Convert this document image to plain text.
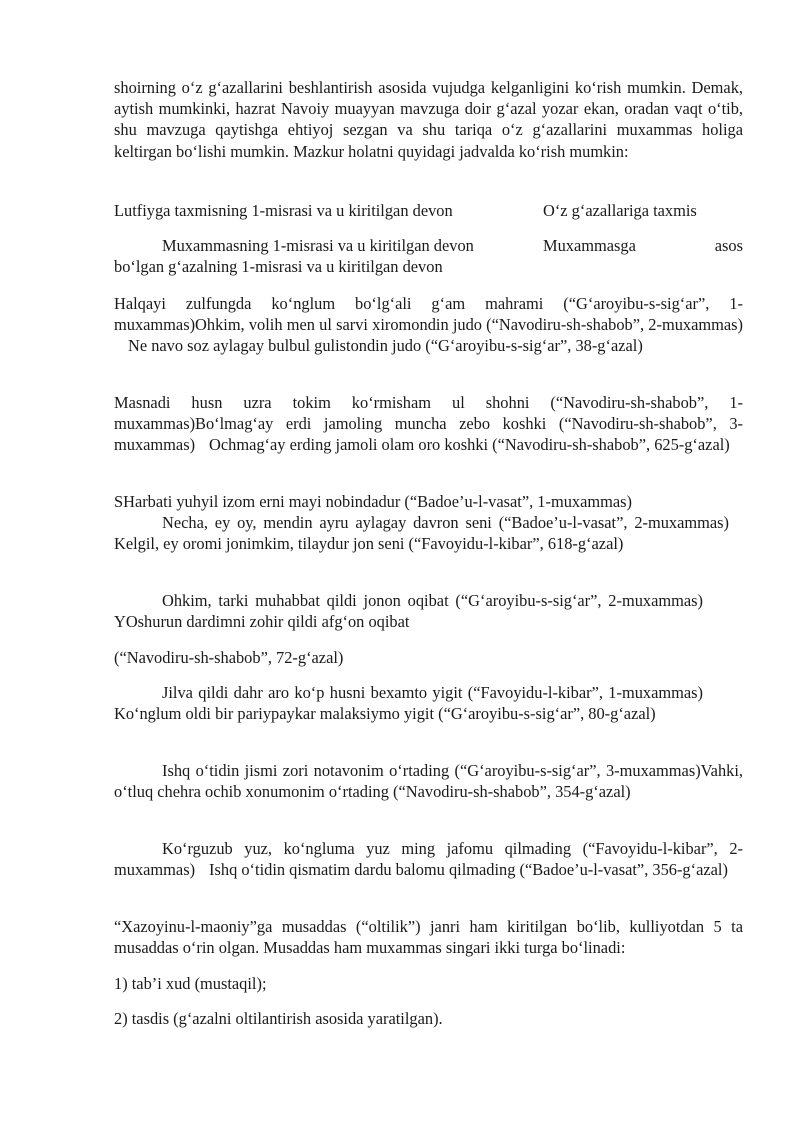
shoirning o‘z g‘azallarini beshlantirish asosida vujudga kelganligini ko‘rish mumkin. Demak, aytish mumkinki, hazrat Navoiy muayyan mavzuga doir g‘azal yozar ekan, oradan vaqt o‘tib, shu mavzuga qaytishga ehtiyoj sezgan va shu tariqa o‘z g‘azallarini muxammas holiga keltirgan bo‘lishi mumkin. Mazkur holatni quyidagi jadvalda ko‘rish mumkin:

Lutfiyga taxmisning 1-misrasi va u kiritilgan devon	O‘z g‘azallariga taxmis

Muxammasning 1-misrasi va u kiritilgan devon	Muxammasga	asos
bo‘lgan g‘azalning 1-misrasi va u kiritilgan devon

Halqayi zulfungda ko‘nglum bo‘lg‘ali g‘am mahrami (“G‘aroyibu-s-sig‘ar”, 1-muxammas)Ohkim, volih men ul sarvi xiromondin judo (“Navodiru-sh-shabob”, 2-muxammas)Ne navo soz aylagay bulbul gulistondin judo (“G‘aroyibu-s-sig‘ar”, 38-g‘azal)

Masnadi husn uzra tokim ko‘rmisham ul shohni (“Navodiru-sh-shabob”, 1-muxammas)Bo‘lmag‘ay erdi jamoling muncha zebo koshki (“Navodiru-sh-shabob”, 3-muxammas) Ochmag‘ay erding jamoli olam oro koshki (“Navodiru-sh-shabob”, 625-g‘azal)

SHarbati yuhyil izom erni mayi nobindadur (“Badoe’u-l-vasat”, 1-muxammas)
Necha, ey oy, mendin ayru aylagay davron seni (“Badoe’u-l-vasat”, 2-muxammas)Kelgil, ey oromi jonimkim, tilaydur jon seni (“Favoyidu-l-kibar”, 618-g‘azal)

Ohkim, tarki muhabbat qildi jonon oqibat (“G‘aroyibu-s-sig‘ar”, 2-muxammas)YOshurun dardimni zohir qildi afg‘on oqibat

(“Navodiru-sh-shabob”, 72-g‘azal)

Jilva qildi dahr aro ko‘p husni bexamto yigit (“Favoyidu-l-kibar”, 1-muxammas)Ko‘nglum oldi bir pariypaykar malaksiymo yigit (“G‘aroyibu-s-sig‘ar”, 80-g‘azal)

Ishq o‘tidin jismi zori notavonim o‘rtading (“G‘aroyibu-s-sig‘ar”, 3-muxammas)Vahki, o‘tluq chehra ochib xonumonim o‘rtading (“Navodiru-sh-shabob”, 354-g‘azal)

Ko‘rguzub yuz, ko‘ngluma yuz ming jafomu qilmading (“Favoyidu-l-kibar”, 2-muxammas) Ishq o‘tidin qismatim dardu balomu qilmading (“Badoe’u-l-vasat”, 356-g‘azal)

“Xazoyinu-l-maoniy”ga musaddas (“oltilik”) janri ham kiritilgan bo‘lib, kulliyotdan 5 ta musaddas o‘rin olgan. Musaddas ham muxammas singari ikki turga bo‘linadi:

1) tab’i xud (mustaqil);

2) tasdis (g‘azalni oltilantirish asosida yaratilgan).
